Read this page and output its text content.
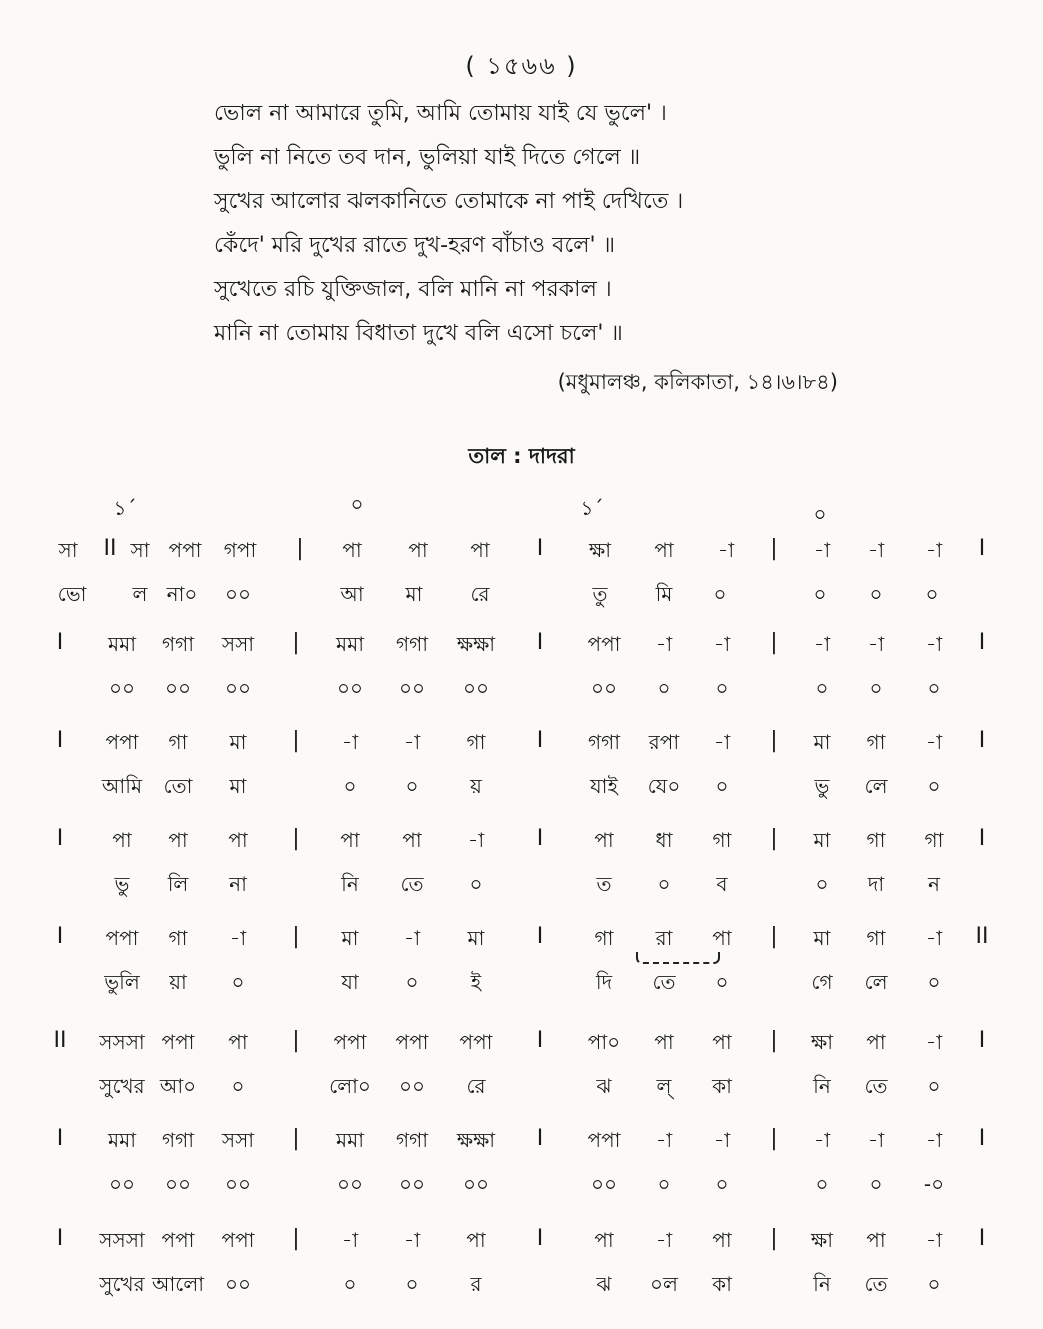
( ১৫৬৬ )
ভোল না আমারে তুমি, আমি তোমায় যাই যে ভুলে' ।
ভুলি না নিতে তব দান, ভুলিয়া যাই দিতে গেলে ॥
সুখের আলোর ঝলকানিতে তোমাকে না পাই দেখিতে ।
কেঁদে' মরি দুখের রাতে দুখ-হরণ বাঁচাও বলে' ॥
সুখেতে রচি যুক্তিজাল, বলি মানি না পরকাল ।
মানি না তোমায় বিধাতা দুখে বলি এসো চলে' ॥
(মধুমালঞ্চ, কলিকাতা, ১৪।৬।৮৪)
তাল : দাদরা
১´	০	১´	০
সা II সা পপা গপা | পা পা পা I ক্ষা পা -া | -া -া -া I
ভো ল না০ ০০	আ মা রে	তু মি ০	০ ০ ০
I মমা গগা সসা | মমা গগা ক্ষক্ষা I পপা -া -া | -া -া -া I
০০ ০০ ০০	০০ ০০ ০০	০০ ০ ০	০ ০ ০
I পপা গা মা | -া -া গা I গগা রপা -া | মা গা -া I
আমি তো মা	০ ০	য়	যাই যে০ ০	ভু লে ০
I পা পা পা | পা পা -া I	পা ধা গা | মা গা গা I
ভু লি না	নি তে ০	ত ০ ব	০ দা ন
I পপা গা -া | মা -া মা I	গা রা পা | মা গা -া II
ভুলি য়া ০	যা ০	ই	দি তে ০	গে লে ০
II সসসা পপা পা | পপা পপা পপা I পা০ পা পা | ক্ষা পা -া I
সুখের আ০ ০	লো০ ০০ রে	ঝ ল্ কা	নি তে ০
I মমা গগা সসা | মমা গগা ক্ষক্ষা I পপা -া -া | -া -া -া I
০০ ০০ ০০	০০ ০০ ০০	০০ ০ ০	০ ০ -০
I সসসা পপা পপা | -া -া পা I	পা -া পা | ক্ষা পা -া I
সুখের আলো ০০	০ ০	র	ঝ ০ল কা	নি তে ০
